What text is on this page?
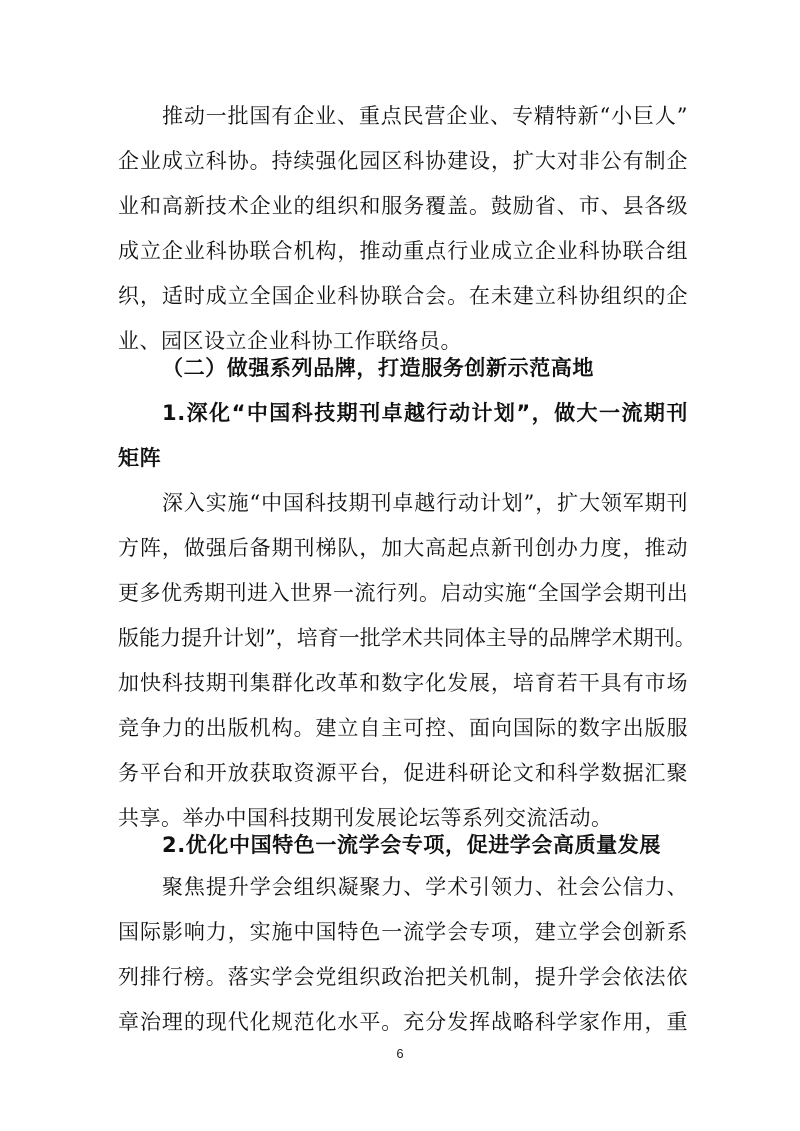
推动一批国有企业、重点民营企业、专精特新“小巨人”
企业成立科协。持续强化园区科协建设，扩大对非公有制企
业和高新技术企业的组织和服务覆盖。鼓励省、市、县各级
成立企业科协联合机构，推动重点行业成立企业科协联合组
织，适时成立全国企业科协联合会。在未建立科协组织的企
业、园区设立企业科协工作联络员。
（二）做强系列品牌，打造服务创新示范高地
1.深化“中国科技期刊卓越行动计划”，做大一流期刊
矩阵
深入实施“中国科技期刊卓越行动计划”，扩大领军期刊
方阵，做强后备期刊梯队，加大高起点新刊创办力度，推动
更多优秀期刊进入世界一流行列。启动实施“全国学会期刊出
版能力提升计划”，培育一批学术共同体主导的品牌学术期刊。
加快科技期刊集群化改革和数字化发展，培育若干具有市场
竞争力的出版机构。建立自主可控、面向国际的数字出版服
务平台和开放获取资源平台，促进科研论文和科学数据汇聚
共享。举办中国科技期刊发展论坛等系列交流活动。
2.优化中国特色一流学会专项，促进学会高质量发展
聚焦提升学会组织凝聚力、学术引领力、社会公信力、
国际影响力，实施中国特色一流学会专项，建立学会创新系
列排行榜。落实学会党组织政治把关机制，提升学会依法依
章治理的现代化规范化水平。充分发挥战略科学家作用，重
6
